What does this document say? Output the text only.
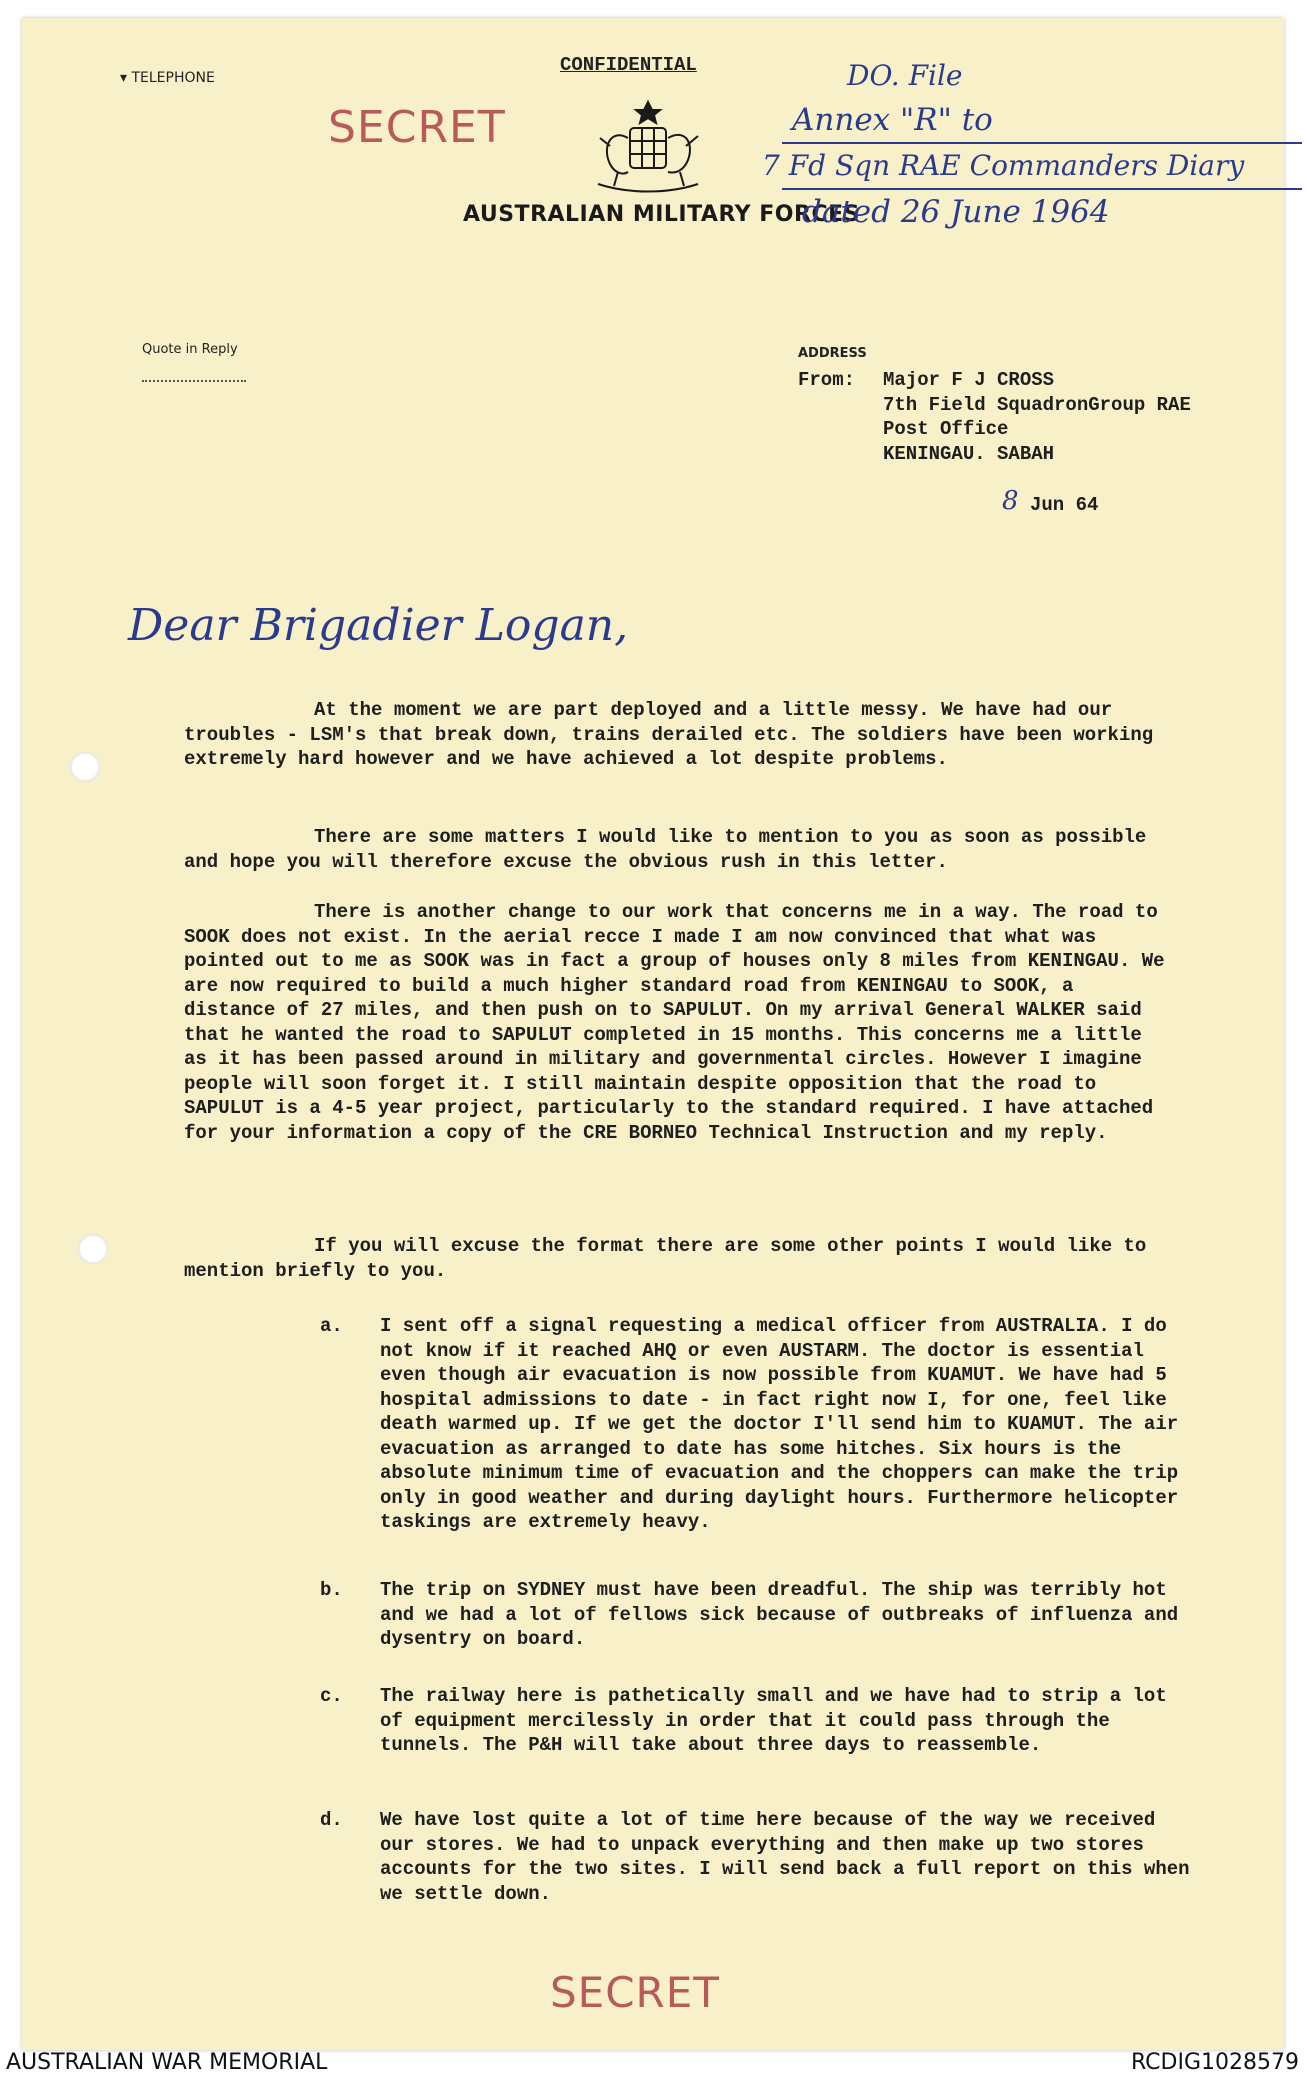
▾ TELEPHONE
CONFIDENTIAL
SECRET
AUSTRALIAN MILITARY FORCES
DO. File
Annex "R" to
7 Fd Sqn RAE Commanders Diary
dated 26 June 1964
Quote in Reply	ADDRESS
From: Major F J CROSS
7th Field SquadronGroup RAE
Post Office
KENINGAU. SABAH
8 Jun 64
Dear Brigadier Logan,

At the moment we are part deployed and a little messy. We have had our troubles - LSM's that break down, trains derailed etc. The soldiers have been working extremely hard however and we have achieved a lot despite problems.

There are some matters I would like to mention to you as soon as possible and hope you will therefore excuse the obvious rush in this letter.

There is another change to our work that concerns me in a way. The road to SOOK does not exist. In the aerial recce I made I am now convinced that what was pointed out to me as SOOK was in fact a group of houses only 8 miles from KENINGAU. We are now required to build a much higher standard road from KENINGAU to SOOK, a distance of 27 miles, and then push on to SAPULUT. On my arrival General WALKER said that he wanted the road to SAPULUT completed in 15 months. This concerns me a little as it has been passed around in military and governmental circles. However I imagine people will soon forget it. I still maintain despite opposition that the road to SAPULUT is a 4-5 year project, particularly to the standard required. I have attached for your information a copy of the CRE BORNEO Technical Instruction and my reply.

If you will excuse the format there are some other points I would like to mention briefly to you.

a. I sent off a signal requesting a medical officer from AUSTRALIA. I do not know if it reached AHQ or even AUSTARM. The doctor is essential even though air evacuation is now possible from KUAMUT. We have had 5 hospital admissions to date - in fact right now I, for one, feel like death warmed up. If we get the doctor I'll send him to KUAMUT. The air evacuation as arranged to date has some hitches. Six hours is the absolute minimum time of evacuation and the choppers can make the trip only in good weather and during daylight hours. Furthermore helicopter taskings are extremely heavy.
b. The trip on SYDNEY must have been dreadful. The ship was terribly hot and we had a lot of fellows sick because of outbreaks of influenza and dysentry on board.
c. The railway here is pathetically small and we have had to strip a lot of equipment mercilessly in order that it could pass through the tunnels. The P&H will take about three days to reassemble.
d. We have lost quite a lot of time here because of the way we received our stores. We had to unpack everything and then make up two stores accounts for the two sites. I will send back a full report on this when we settle down.
SECRET
AUSTRALIAN WAR MEMORIAL	RCDIG1028579
